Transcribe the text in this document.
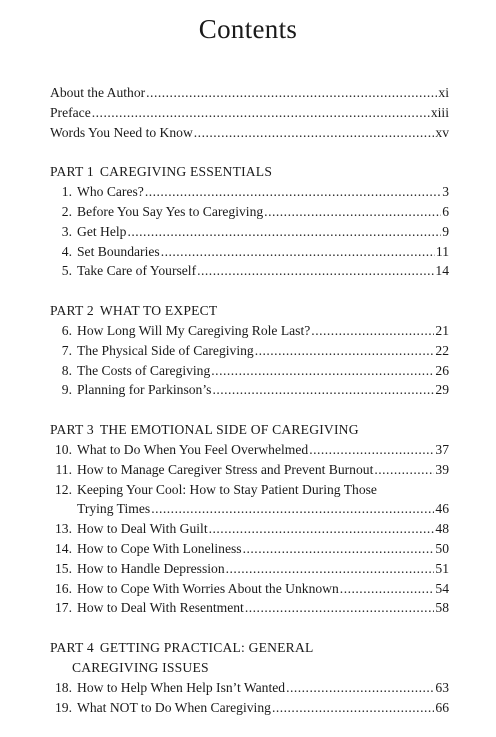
Contents
About the Author .....	xi
Preface .....	xiii
Words You Need to Know .....	xv
PART 1 CAREGIVING ESSENTIALS
1. Who Cares? .....	3
2. Before You Say Yes to Caregiving .....	6
3. Get Help .....	9
4. Set Boundaries .....	11
5. Take Care of Yourself .....	14
PART 2 WHAT TO EXPECT
6. How Long Will My Caregiving Role Last? .....	21
7. The Physical Side of Caregiving .....	22
8. The Costs of Caregiving .....	26
9. Planning for Parkinson’s .....	29
PART 3 THE EMOTIONAL SIDE OF CAREGIVING
10. What to Do When You Feel Overwhelmed .....	37
11. How to Manage Caregiver Stress and Prevent Burnout .....	39
12. Keeping Your Cool: How to Stay Patient During Those
Trying Times .....	46
13. How to Deal With Guilt .....	48
14. How to Cope With Loneliness .....	50
15. How to Handle Depression .....	51
16. How to Cope With Worries About the Unknown .....	54
17. How to Deal With Resentment .....	58
PART 4 GETTING PRACTICAL: GENERAL
CAREGIVING ISSUES
18. How to Help When Help Isn’t Wanted .....	63
19. What NOT to Do When Caregiving .....	66
